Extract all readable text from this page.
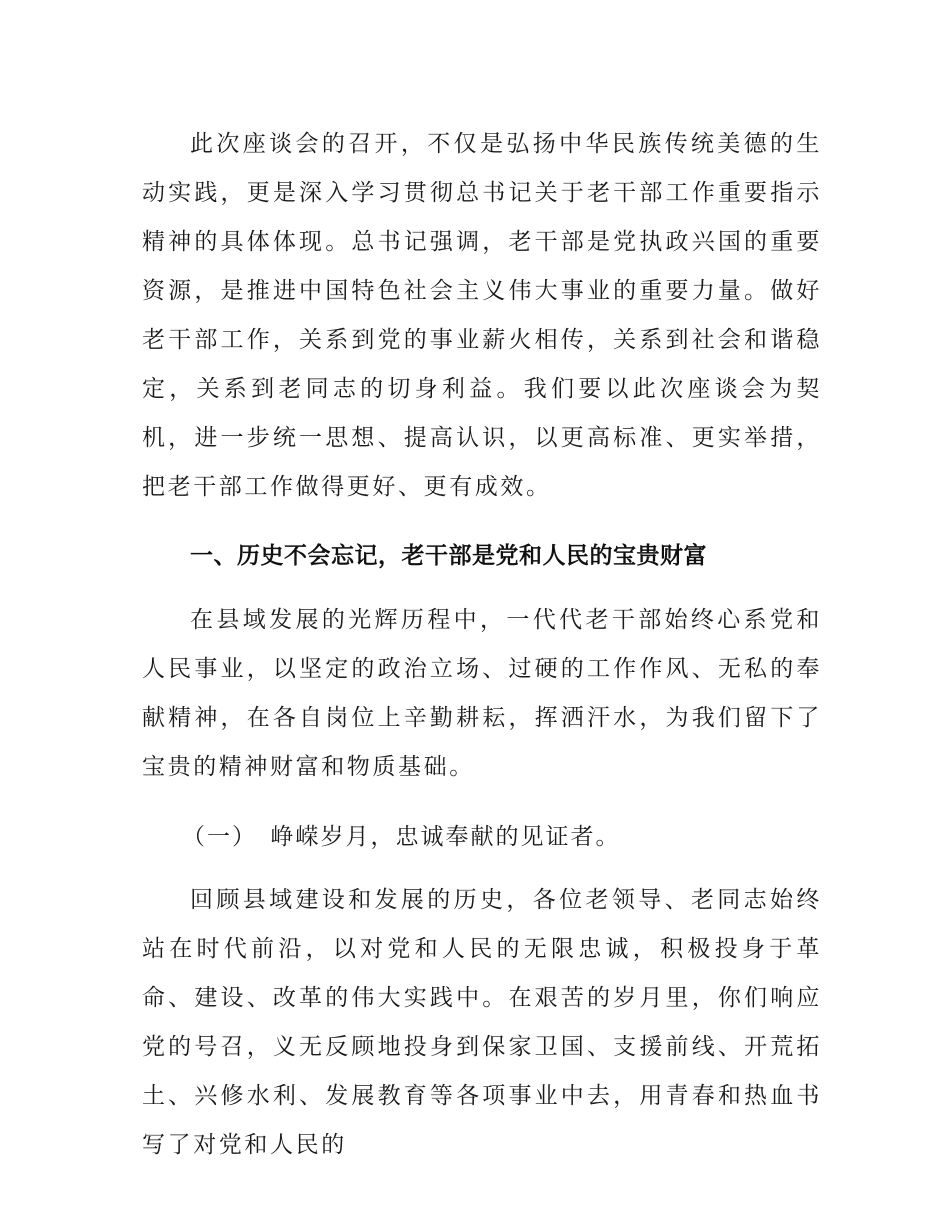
此次座谈会的召开，不仅是弘扬中华民族传统美德的生动实践，更是深入学习贯彻总书记关于老干部工作重要指示精神的具体体现。总书记强调，老干部是党执政兴国的重要资源，是推进中国特色社会主义伟大事业的重要力量。做好老干部工作，关系到党的事业薪火相传，关系到社会和谐稳定，关系到老同志的切身利益。我们要以此次座谈会为契机，进一步统一思想、提高认识，以更高标准、更实举措，把老干部工作做得更好、更有成效。

一、历史不会忘记，老干部是党和人民的宝贵财富

在县域发展的光辉历程中，一代代老干部始终心系党和人民事业，以坚定的政治立场、过硬的工作作风、无私的奉献精神，在各自岗位上辛勤耕耘，挥洒汗水，为我们留下了宝贵的精神财富和物质基础。

（一）　峥嵘岁月，忠诚奉献的见证者。

回顾县域建设和发展的历史，各位老领导、老同志始终站在时代前沿，以对党和人民的无限忠诚，积极投身于革命、建设、改革的伟大实践中。在艰苦的岁月里，你们响应党的号召，义无反顾地投身到保家卫国、支援前线、开荒拓土、兴修水利、发展教育等各项事业中去，用青春和热血书写了对党和人民的
